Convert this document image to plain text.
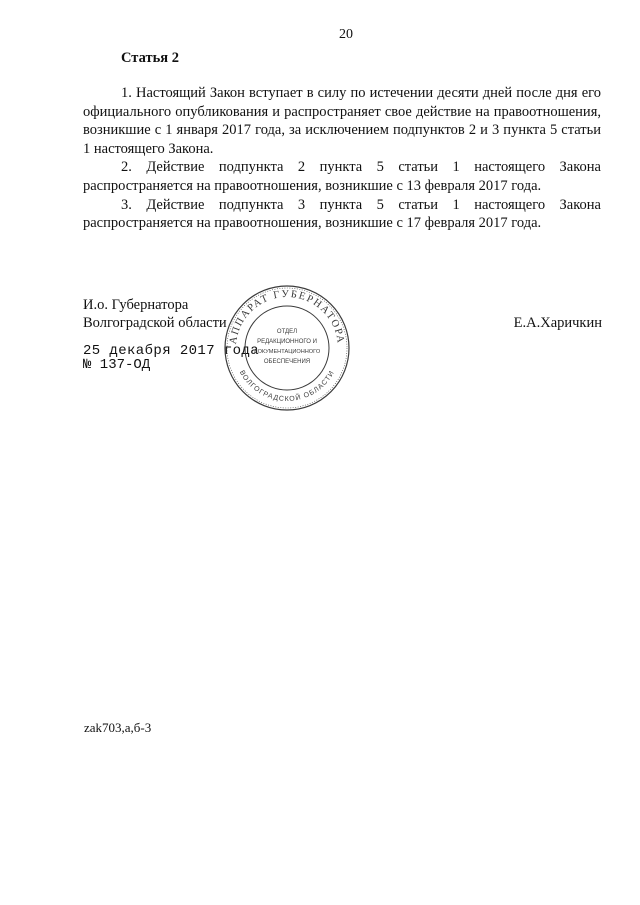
20
Статья 2

1. Настоящий Закон вступает в силу по истечении десяти дней после дня его официального опубликования и распространяет свое действие на правоотношения, возникшие с 1 января 2017 года, за исключением подпунктов 2 и 3 пункта 5 статьи 1 настоящего Закона.

2. Действие подпункта 2 пункта 5 статьи 1 настоящего Закона распространяется на правоотношения, возникшие с 13 февраля 2017 года.

3. Действие подпункта 3 пункта 5 статьи 1 настоящего Закона распространяется на правоотношения, возникшие с 17 февраля 2017 года.

И.о. Губернатора
Волгоградской области	Е.А.Харичкин
25 декабря 2017 года
№ 137-ОД
АППАРАТ ГУБЕРНАТОРА
ВОЛГОГРАДСКОЙ ОБЛАСТИ
ОТДЕЛ
РЕДАКЦИОННОГО И
ДОКУМЕНТАЦИОННОГО
ОБЕСПЕЧЕНИЯ
zak703,а,б-3
